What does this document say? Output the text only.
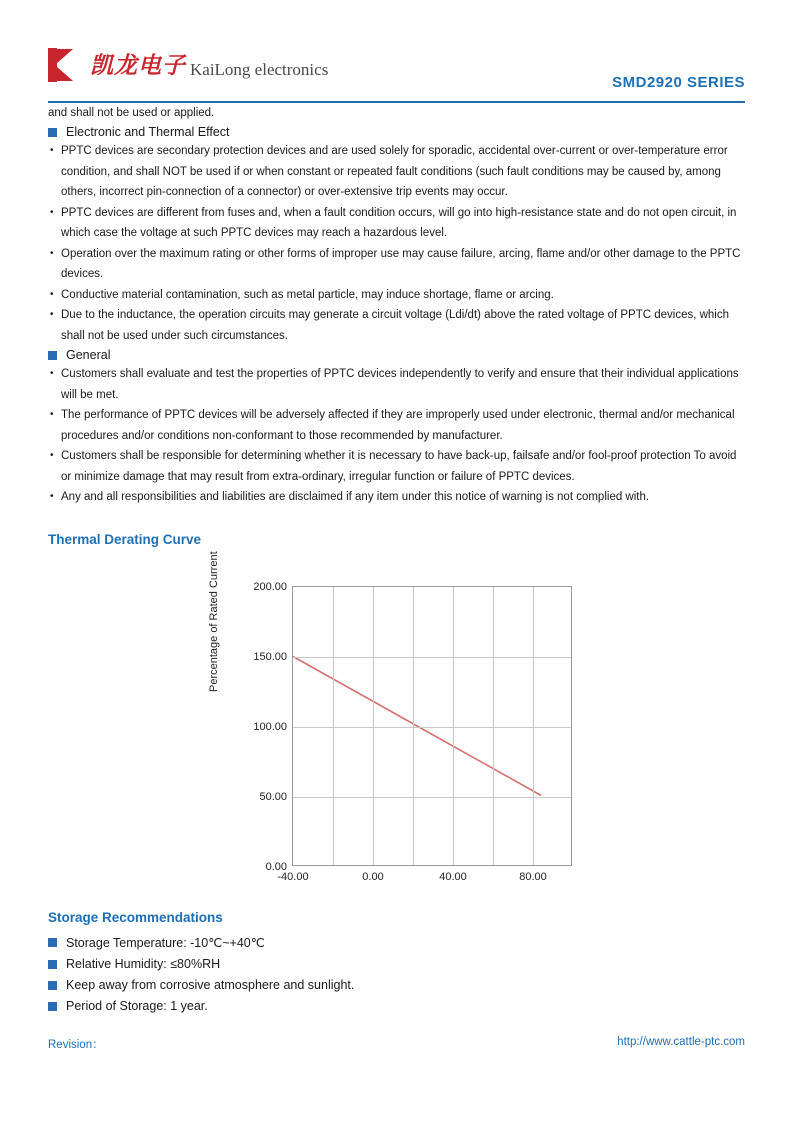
凯龙电子 KaiLong electronics
SMD2920 SERIES

and shall not be used or applied.

Electronic and Thermal Effect

• PPTC devices are secondary protection devices and are used solely for sporadic, accidental over-current or over-temperature error condition, and shall NOT be used if or when constant or repeated fault conditions (such fault conditions may be caused by, among others, incorrect pin-connection of a connector) or over-extensive trip events may occur.

• PPTC devices are different from fuses and, when a fault condition occurs, will go into high-resistance state and do not open circuit, in which case the voltage at such PPTC devices may reach a hazardous level.

• Operation over the maximum rating or other forms of improper use may cause failure, arcing, flame and/or other damage to the PPTC devices.

• Conductive material contamination, such as metal particle, may induce shortage, flame or arcing.

• Due to the inductance, the operation circuits may generate a circuit voltage (Ldi/dt) above the rated voltage of PPTC devices, which shall not be used under such circumstances.

General

• Customers shall evaluate and test the properties of PPTC devices independently to verify and ensure that their individual applications will be met.

• The performance of PPTC devices will be adversely affected if they are improperly used under electronic, thermal and/or mechanical procedures and/or conditions non-conformant to those recommended by manufacturer.

• Customers shall be responsible for determining whether it is necessary to have back-up, failsafe and/or fool-proof protection To avoid or minimize damage that may result from extra-ordinary, irregular function or failure of PPTC devices.

• Any and all responsibilities and liabilities are disclaimed if any item under this notice of warning is not complied with.

Thermal Derating Curve
Percentage of Rated Current
0.00
50.00
100.00
150.00
200.00
-40.00	0.00	40.00	80.00
Storage Recommendations
Storage Temperature: -10℃~+40℃
Relative Humidity: ≤80%RH
Keep away from corrosive atmosphere and sunlight.
Period of Storage: 1 year.
Revision：	http://www.cattle-ptc.com
